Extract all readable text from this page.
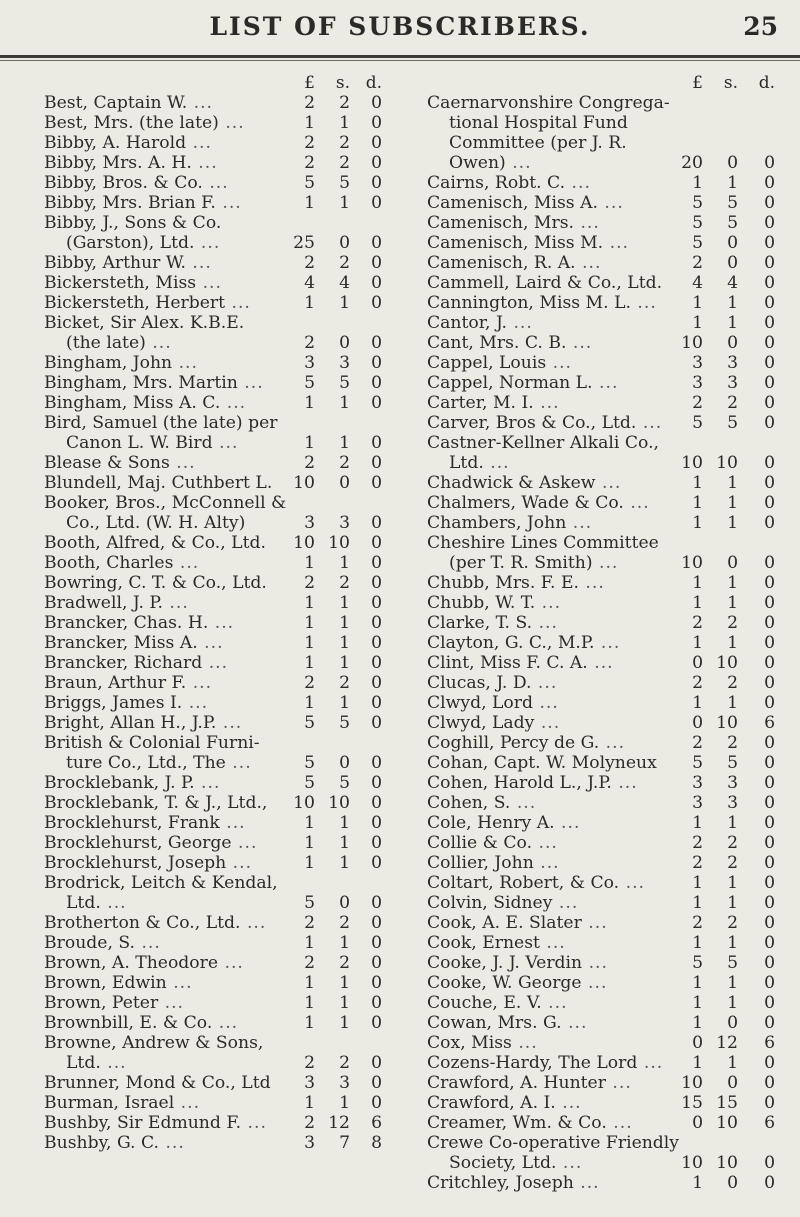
LIST OF SUBSCRIBERS.	25
£	s. d.
Best, Captain W. ...	2	2	0
Best, Mrs. (the late) ...	1	1	0
Bibby, A. Harold ...	2	2	0
Bibby, Mrs. A. H. ...	2	2	0
Bibby, Bros. & Co. ...	5	5	0
Bibby, Mrs. Brian F. ...	1	1	0
Bibby, J., Sons & Co.
(Garston), Ltd. ...	25	0	0
Bibby, Arthur W. ...	2	2	0
Bickersteth, Miss ...	4	4	0
Bickersteth, Herbert ...	1	1	0
Bicket, Sir Alex. K.B.E.
(the late) ...	2	0	0
Bingham, John ...	3	3	0
Bingham, Mrs. Martin ...	5	5	0
Bingham, Miss A. C. ...	1	1	0
Bird, Samuel (the late) per
Canon L. W. Bird ...	1	1	0
Blease & Sons ...	2	2	0
Blundell, Maj. Cuthbert L. 10	0	0
Booker, Bros., McConnell &
Co., Ltd. (W. H. Alty)	3	3	0
Booth, Alfred, & Co., Ltd. 10 10	0
Booth, Charles ...	1	1	0
Bowring, C. T. & Co., Ltd.	2	2	0
Bradwell, J. P. ...	1	1	0
Brancker, Chas. H. ...	1	1	0
Brancker, Miss A. ...	1	1	0
Brancker, Richard ...	1	1	0
Braun, Arthur F. ...	2	2	0
Briggs, James I. ...	1	1	0
Bright, Allan H., J.P. ...	5	5	0
British & Colonial Furni-
ture Co., Ltd., The ...	5	0	0
Brocklebank, J. P. ...	5	5	0
Brocklebank, T. & J., Ltd., 10 10	0
Brocklehurst, Frank ...	1	1	0
Brocklehurst, George ...	1	1	0
Brocklehurst, Joseph ...	1	1	0
Brodrick, Leitch & Kendal,
Ltd. ...	5	0	0
Brotherton & Co., Ltd. ...	2	2	0
Broude, S. ...	1	1	0
Brown, A. Theodore ...	2	2	0
Brown, Edwin ...	1	1	0
Brown, Peter ...	1	1	0
Brownbill, E. & Co. ...	1	1	0
Browne, Andrew & Sons,
Ltd. ...	2	2	0
Brunner, Mond & Co., Ltd	3	3	0
Burman, Israel ...	1	1	0
Bushby, Sir Edmund F. ...	2 12	6
Bushby, G. C. ...	3	7	8
£	s.	d.
Caernarvonshire Congrega-
tional Hospital Fund
Committee (per J. R.
Owen) ...	20	0	0
Cairns, Robt. C. ...	1	1	0
Camenisch, Miss A. ...	5	5	0
Camenisch, Mrs. ...	5	5	0
Camenisch, Miss M. ...	5	0	0
Camenisch, R. A. ...	2	0	0
Cammell, Laird & Co., Ltd.	4	4	0
Cannington, Miss M. L. ...	1	1	0
Cantor, J. ...	1	1	0
Cant, Mrs. C. B. ...	10	0	0
Cappel, Louis ...	3	3	0
Cappel, Norman L. ...	3	3	0
Carter, M. I. ...	2	2	0
Carver, Bros & Co., Ltd. ...	5	5	0
Castner-Kellner Alkali Co.,
Ltd. ...	10 10	0
Chadwick & Askew ...	1	1	0
Chalmers, Wade & Co. ...	1	1	0
Chambers, John ...	1	1	0
Cheshire Lines Committee
(per T. R. Smith) ...	10	0	0
Chubb, Mrs. F. E. ...	1	1	0
Chubb, W. T. ...	1	1	0
Clarke, T. S. ...	2	2	0
Clayton, G. C., M.P. ...	1	1	0
Clint, Miss F. C. A. ...	0 10	0
Clucas, J. D. ...	2	2	0
Clwyd, Lord ...	1	1	0
Clwyd, Lady ...	0 10	6
Coghill, Percy de G. ...	2	2	0
Cohan, Capt. W. Molyneux	5	5	0
Cohen, Harold L., J.P. ...	3	3	0
Cohen, S. ...	3	3	0
Cole, Henry A. ...	1	1	0
Collie & Co. ...	2	2	0
Collier, John ...	2	2	0
Coltart, Robert, & Co. ...	1	1	0
Colvin, Sidney ...	1	1	0
Cook, A. E. Slater ...	2	2	0
Cook, Ernest ...	1	1	0
Cooke, J. J. Verdin ...	5	5	0
Cooke, W. George ...	1	1	0
Couche, E. V. ...	1	1	0
Cowan, Mrs. G. ...	1	0	0
Cox, Miss ...	0 12	6
Cozens-Hardy, The Lord ...	1	1	0
Crawford, A. Hunter ...	10	0	0
Crawford, A. I. ...	15 15	0
Creamer, Wm. & Co. ...	0 10	6
Crewe Co-operative Friendly
Society, Ltd. ...	10 10	0
Critchley, Joseph ...	1	0	0
